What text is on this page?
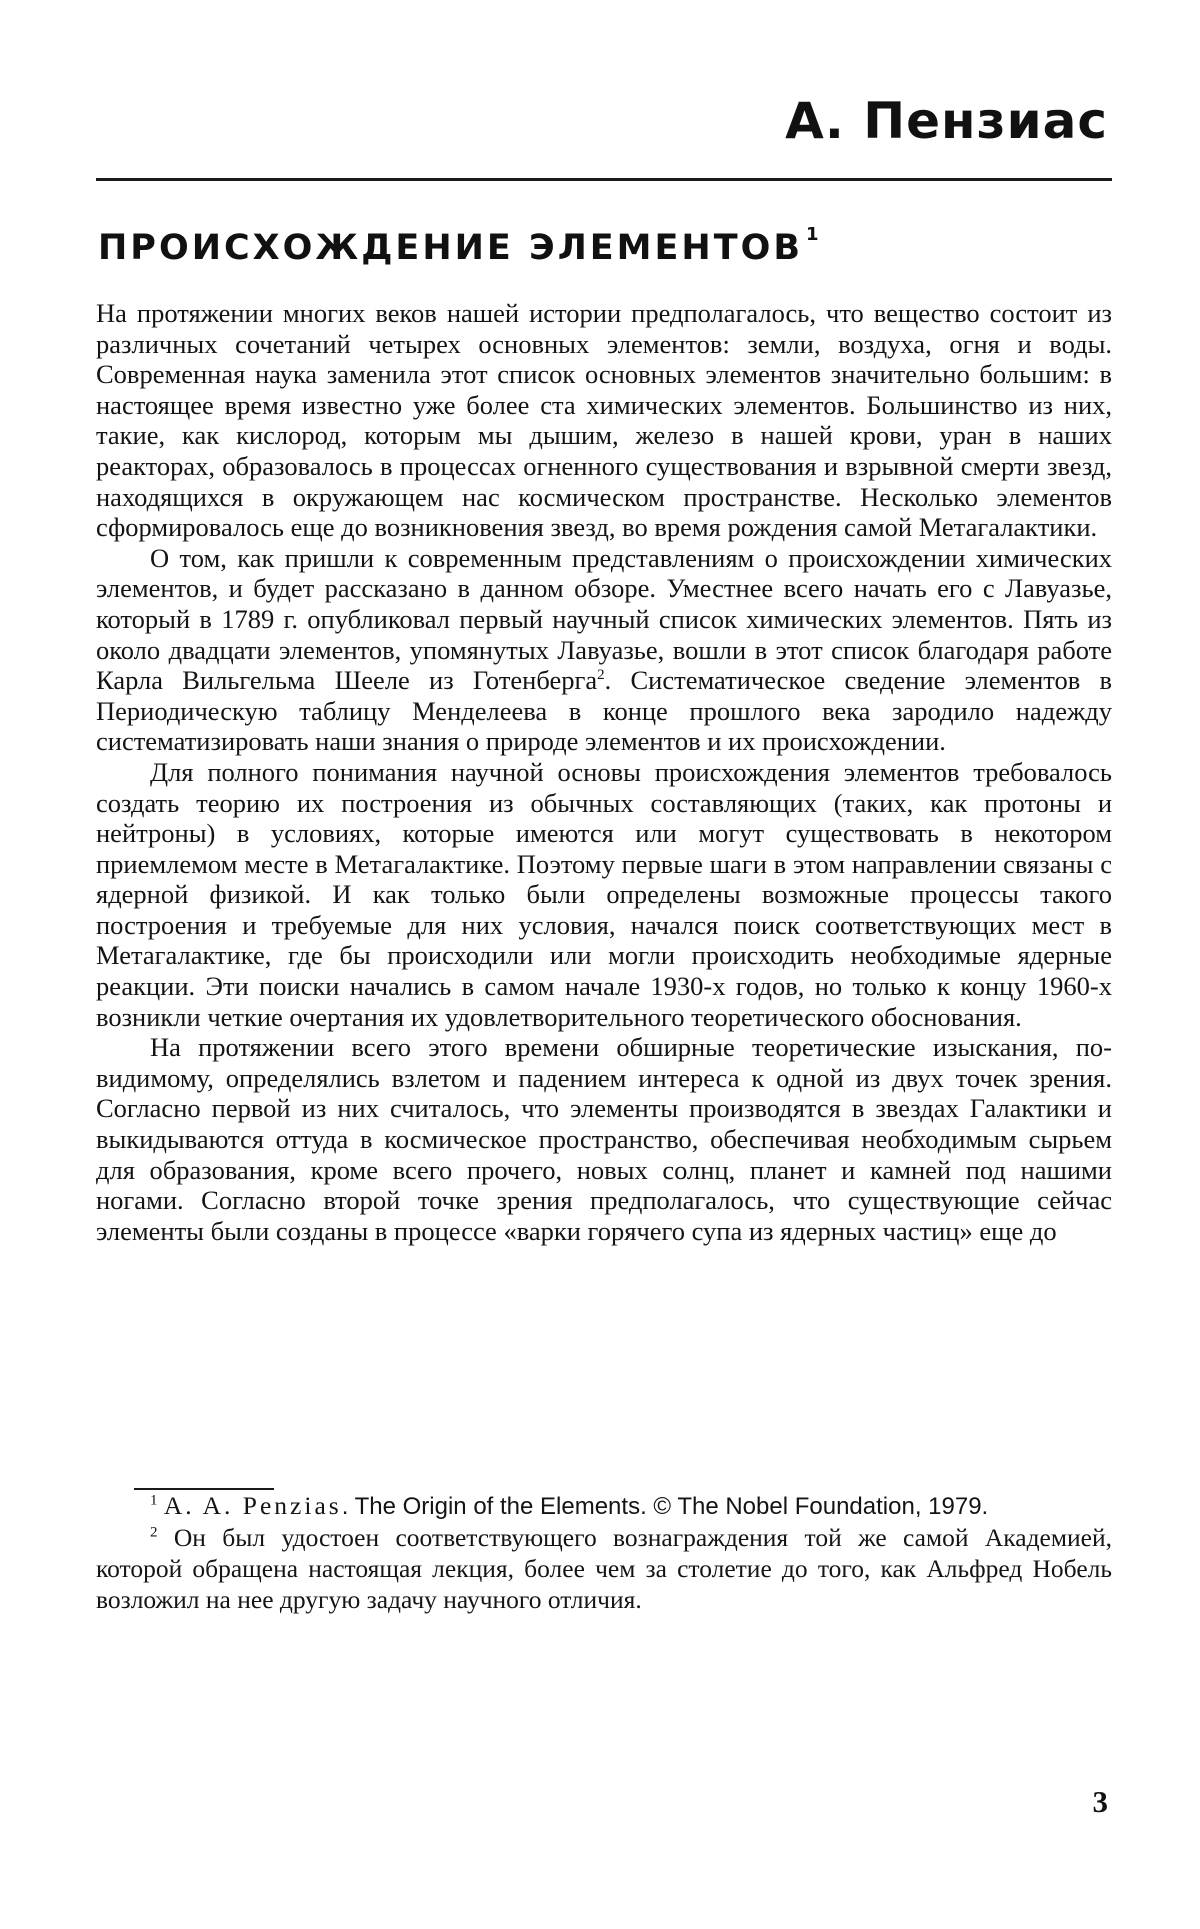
А. Пензиас
ПРОИСХОЖДЕНИЕ ЭЛЕМЕНТОВ $^1$

На протяжении многих веков нашей истории предполагалось, что вещество состоит из различных сочетаний четырех основных элементов: земли, воздуха, огня и воды. Современная наука заменила этот список основных элементов значительно большим: в настоящее время известно уже более ста химических элементов. Большинство из них, такие, как кислород, которым мы дышим, железо в нашей крови, уран в наших реакторах, образовалось в процессах огненного существования и взрывной смерти звезд, находящихся в окружающем нас космическом пространстве. Несколько элементов сформировалось еще до возникновения звезд, во время рождения самой Метагалактики.

О том, как пришли к современным представлениям о происхождении химических элементов, и будет рассказано в данном обзоре. Уместнее всего начать его с Лавуазье, который в 1789 г. опубликовал первый научный список химических элементов. Пять из около двадцати элементов, упомянутых Лавуазье, вошли в этот список благодаря работе Карла Вильгельма Шееле из Готенберга$^2$. Систематическое сведение элементов в Периодическую таблицу Менделеева в конце прошлого века зародило надежду систематизировать наши знания о природе элементов и их происхождении.

Для полного понимания научной основы происхождения элементов требовалось создать теорию их построения из обычных составляющих (таких, как протоны и нейтроны) в условиях, которые имеются или могут существовать в некотором приемлемом месте в Метагалактике. Поэтому первые шаги в этом направлении связаны с ядерной физикой. И как только были определены возможные процессы такого построения и требуемые для них условия, начался поиск соответствующих мест в Метагалактике, где бы происходили или могли происходить необходимые ядерные реакции. Эти поиски начались в самом начале 1930-х годов, но только к концу 1960-х возникли четкие очертания их удовлетворительного теоретического обоснования.

На протяжении всего этого времени обширные теоретические изыскания, по-видимому, определялись взлетом и падением интереса к одной из двух точек зрения. Согласно первой из них считалось, что элементы производятся в звездах Галактики и выкидываются оттуда в космическое пространство, обеспечивая необходимым сырьем для образования, кроме всего прочего, новых солнц, планет и камней под нашими ногами. Согласно второй точке зрения предполагалось, что существующие сейчас элементы были созданы в процессе «варки горячего супа из ядерных частиц» еще до

$^1$ A. A. Penzias. The Origin of the Elements. © The Nobel Foundation, 1979.

$^2$ Он был удостоен соответствующего вознаграждения той же самой Академией, которой обращена настоящая лекция, более чем за столетие до того, как Альфред Нобель возложил на нее другую задачу научного отличия.

3
